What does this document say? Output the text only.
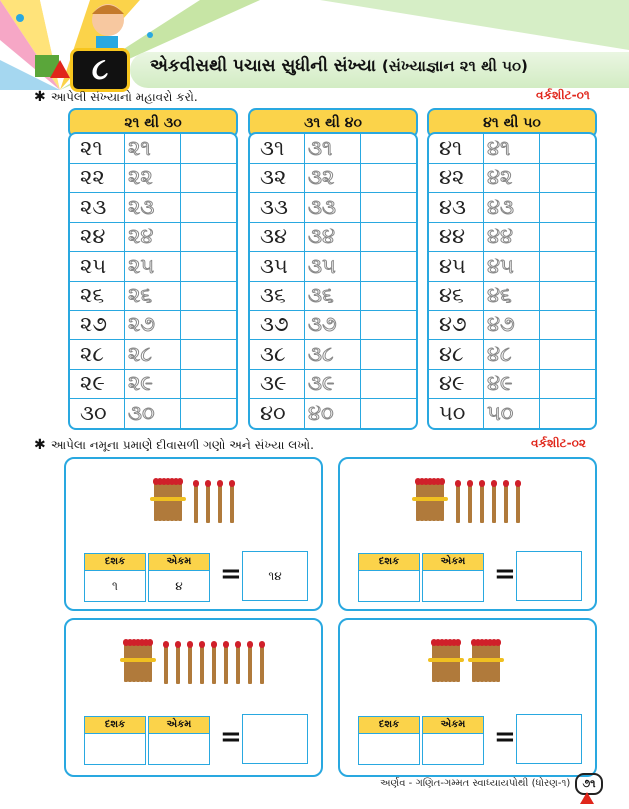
૮	એકવીસથી પચાસ સુધીની સંખ્યા (સંખ્યાજ્ઞાન ૨૧ થી ૫૦)
✱ આપેલી સંખ્યાનો મહાવરો કરો.	વર્કશીટ-૦૧
૨૧ થી ૩૦
૨૧ ૨૧
૨૨ ૨૨
૨૩ ૨૩
૨૪ ૨૪
૨૫ ૨૫
૨૬ ૨૬
૨૭ ૨૭
૨૮ ૨૮
૨૯ ૨૯
૩૦ ૩૦
૩૧ થી ૪૦
૩૧ ૩૧
૩૨ ૩૨
૩૩ ૩૩
૩૪ ૩૪
૩૫ ૩૫
૩૬ ૩૬
૩૭ ૩૭
૩૮ ૩૮
૩૯ ૩૯
૪૦ ૪૦
૪૧ થી ૫૦
૪૧ ૪૧
૪૨ ૪૨
૪૩ ૪૩
૪૪ ૪૪
૪૫ ૪૫
૪૬ ૪૬
૪૭ ૪૭
૪૮ ૪૮
૪૯ ૪૯
૫૦ ૫૦
✱ આપેલા નમૂના પ્રમાણે દીવાસળી ગણો અને સંખ્યા લખો.	વર્કશીટ-૦૨
દશક	એકમ
૧	૪	=	૧૪
દશક	એકમ	=
દશક	એકમ	=	દશક	એકમ	=
અર્ણવ - ગણિત-ગમ્મત સ્વાધ્યાયપોથી (ધોરણ-૧)	૭૧
